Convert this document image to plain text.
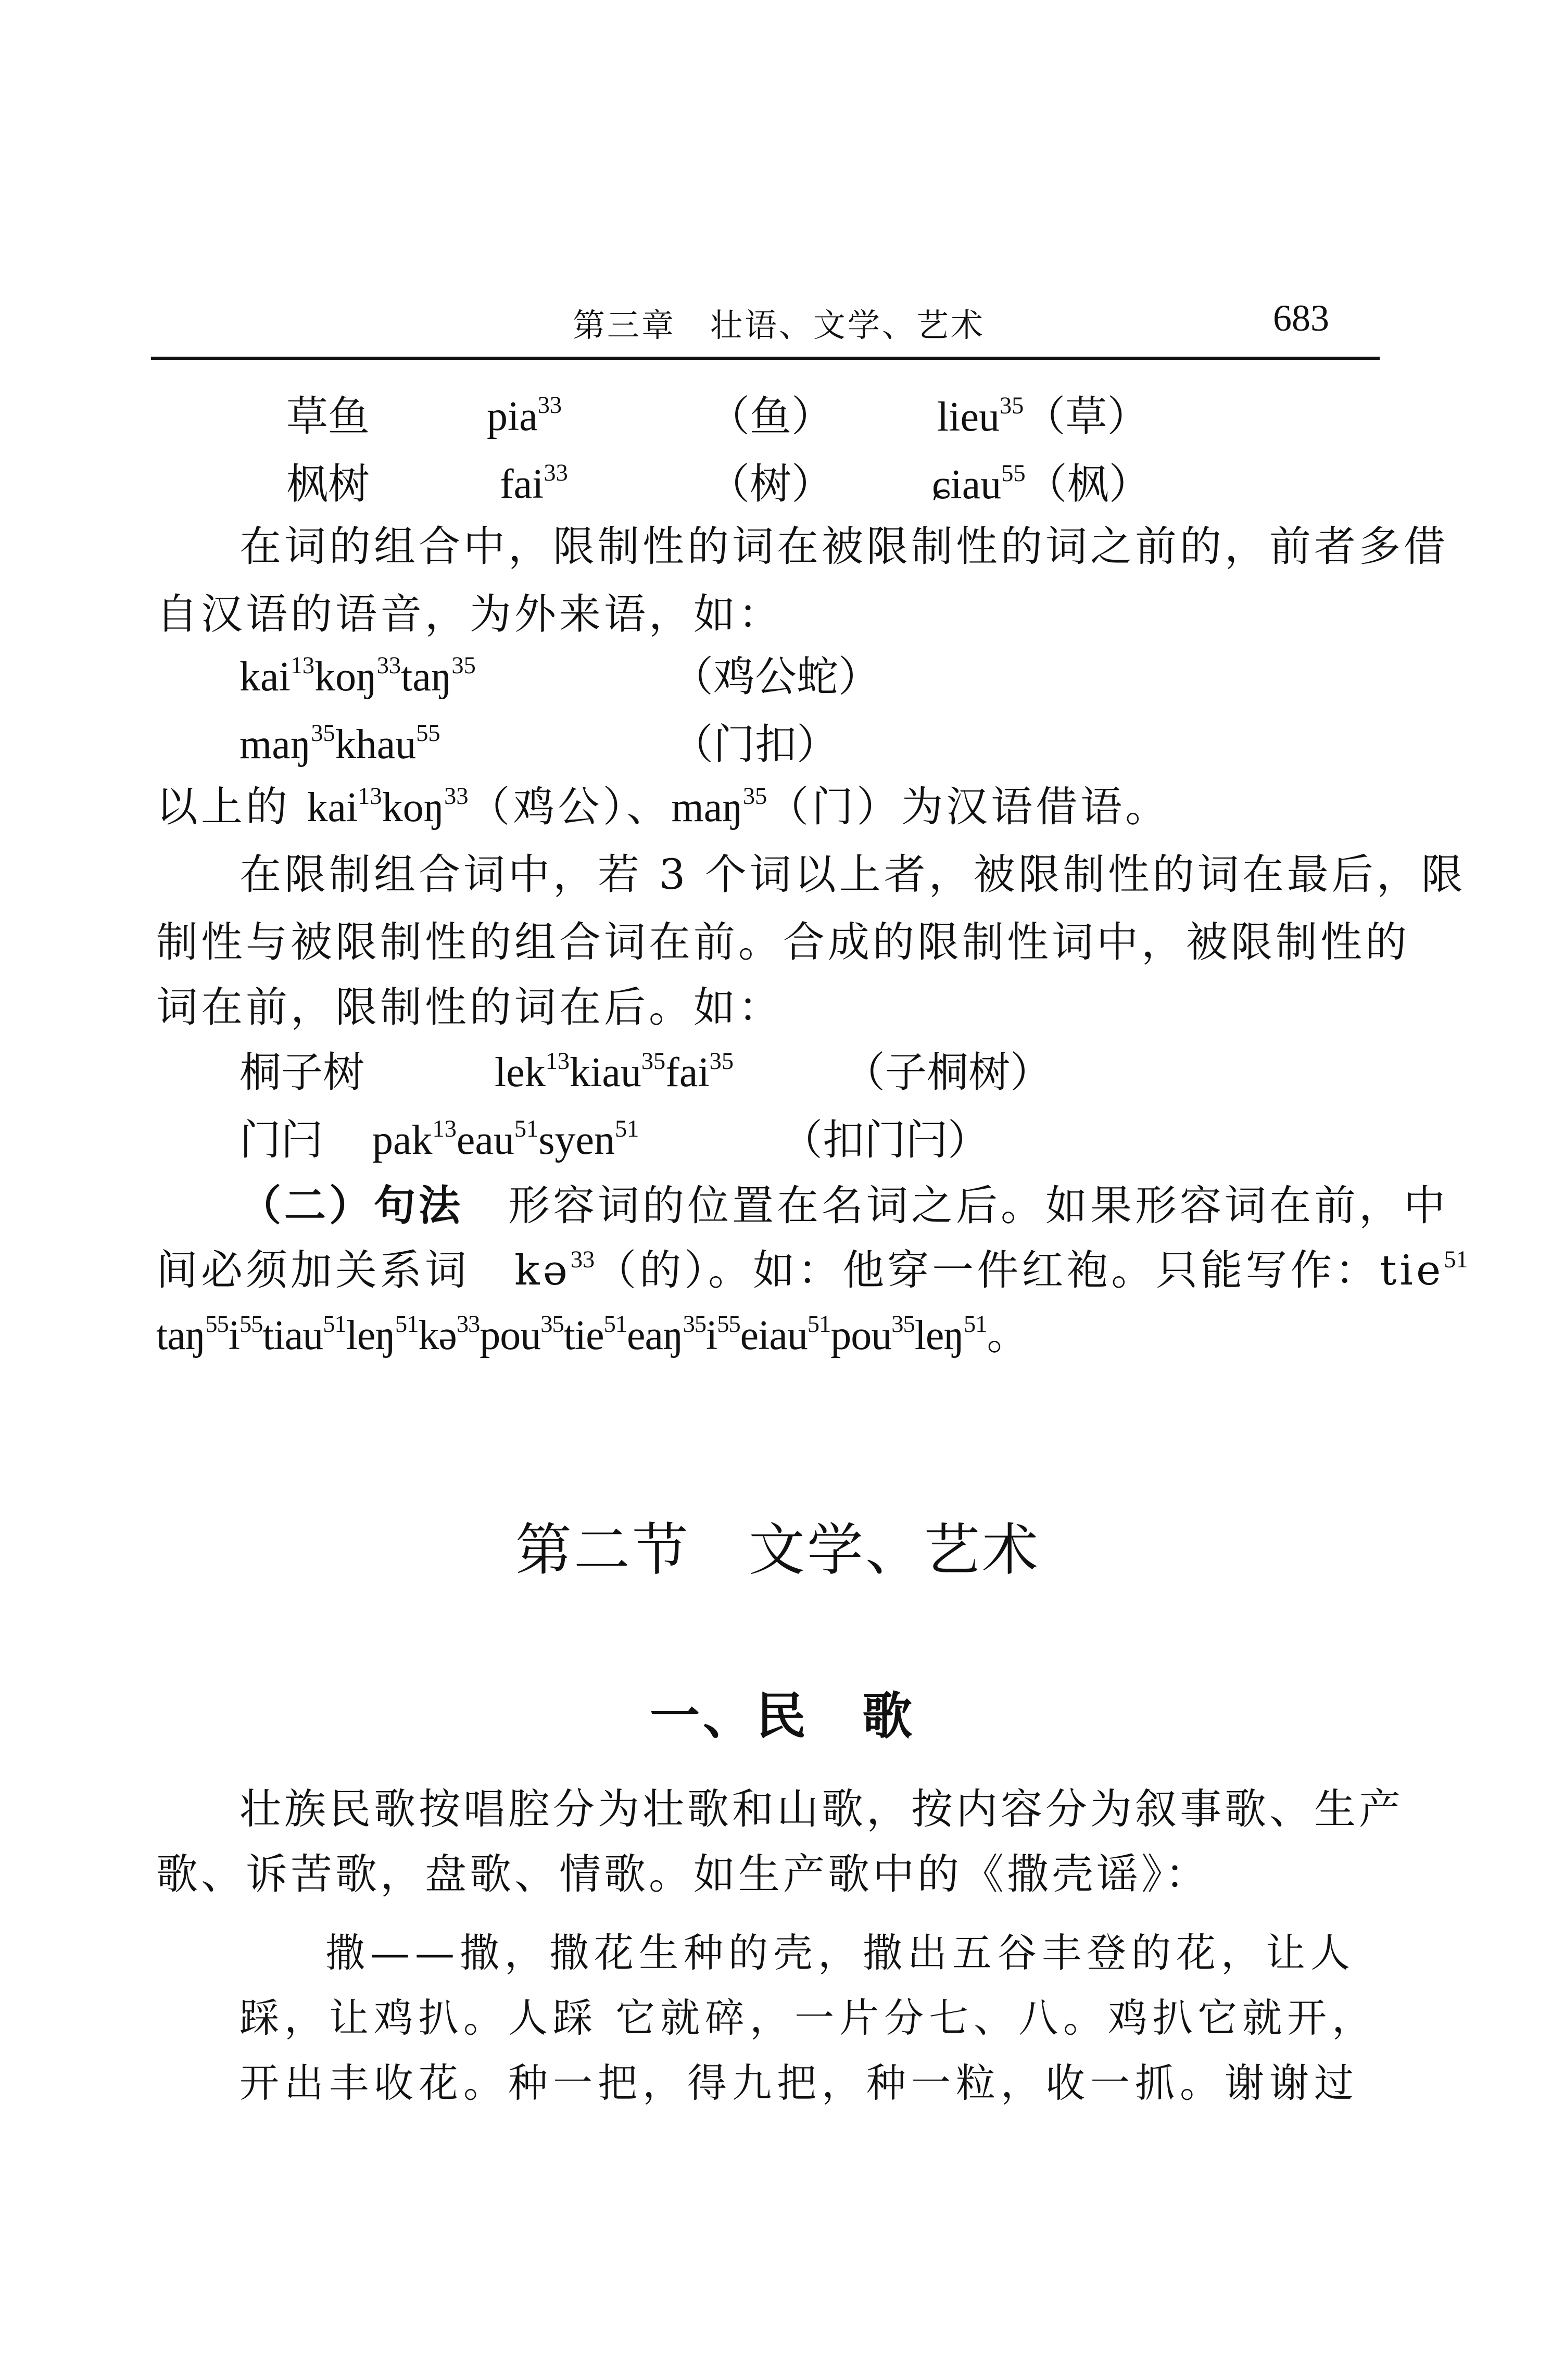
第三章　壮语、文学、艺术	683
草鱼	pia$^{33}$	（鱼）	lieu$^{35}$（草）
枫树	fai$^{33}$	（树） ɕiau$^{55}$（枫）
在词的组合中，限制性的词在被限制性的词之前的，前者多借
自汉语的语音，为外来语，如：
kai$^{13}$koŋ$^{33}$taŋ$^{35}$	（鸡公蛇）
maŋ$^{35}$khau$^{55}$	（门扣）
以上的 kai$^{13}$koŋ$^{33}$（鸡公）、maŋ$^{35}$（门）为汉语借语。
在限制组合词中，若 3 个词以上者，被限制性的词在最后，限
制性与被限制性的组合词在前。合成的限制性词中，被限制性的
词在前，限制性的词在后。如：
桐子树	lek$^{13}$kiau$^{35}$fai$^{35}$	（子桐树）
门闩 pak$^{13}$eau$^{51}$syen$^{51}$	（扣门闩）
（二）句法　 形容词的位置在名词之后。如果形容词在前，中
间必须加关系词　kə$^{33}$（的）。如：他穿一件红袍。只能写作：tie$^{51}$
$taŋ^{55}i^{55}tiau^{51}leŋ^{51}kə^{33}pou^{35}tie^{51}eaŋ^{35}i^{55}eiau^{51}pou^{35}leŋ^{51}$。
第二节　文学、艺术
一、民　歌
壮族民歌按唱腔分为壮歌和山歌，按内容分为叙事歌、生产
歌、诉苦歌，盘歌、情歌。如生产歌中的《撒壳谣》：
撒——撒，撒花生种的壳，撒出五谷丰登的花，让人
踩，让鸡扒。人踩 它就碎，一片分七、八。鸡扒它就开，
开出丰收花。种一把，得九把，种一粒，收一抓。谢谢过
